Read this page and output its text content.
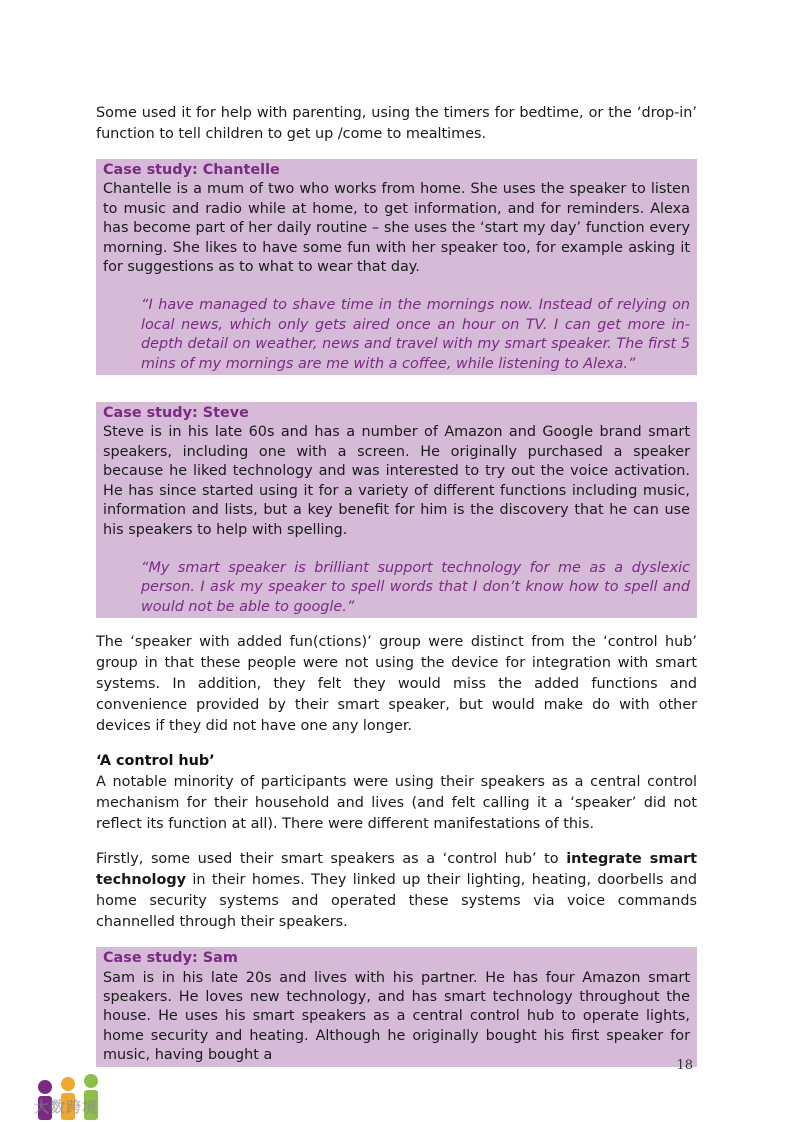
Some used it for help with parenting, using the timers for bedtime, or the ‘drop-in’ function to tell children to get up /come to mealtimes.

Case study: Chantelle

Chantelle is a mum of two who works from home. She uses the speaker to listen to music and radio while at home, to get information, and for reminders. Alexa has become part of her daily routine – she uses the ‘start my day’ function every morning. She likes to have some fun with her speaker too, for example asking it for suggestions as to what to wear that day.

“I have managed to shave time in the mornings now. Instead of relying on local news, which only gets aired once an hour on TV. I can get more in-depth detail on weather, news and travel with my smart speaker. The first 5 mins of my mornings are me with a coffee, while listening to Alexa.”

Case study: Steve

Steve is in his late 60s and has a number of Amazon and Google brand smart speakers, including one with a screen. He originally purchased a speaker because he liked technology and was interested to try out the voice activation. He has since started using it for a variety of different functions including music, information and lists, but a key benefit for him is the discovery that he can use his speakers to help with spelling.

“My smart speaker is brilliant support technology for me as a dyslexic person. I ask my speaker to spell words that I don’t know how to spell and would not be able to google.”

The ‘speaker with added fun(ctions)’ group were distinct from the ‘control hub’ group in that these people were not using the device for integration with smart systems. In addition, they felt they would miss the added functions and convenience provided by their smart speaker, but would make do with other devices if they did not have one any longer.

‘A control hub’

A notable minority of participants were using their speakers as a central control mechanism for their household and lives (and felt calling it a ‘speaker’ did not reflect its function at all). There were different manifestations of this.

Firstly, some used their smart speakers as a ‘control hub’ to integrate smart technology in their homes. They linked up their lighting, heating, doorbells and home security systems and operated these systems via voice commands channelled through their speakers.

Case study: Sam

Sam is in his late 20s and lives with his partner. He has four Amazon smart speakers. He loves new technology, and has smart technology throughout the house. He uses his smart speakers as a central control hub to operate lights, home security and heating. Although he originally bought his first speaker for music, having bought a

18
大数跨境
